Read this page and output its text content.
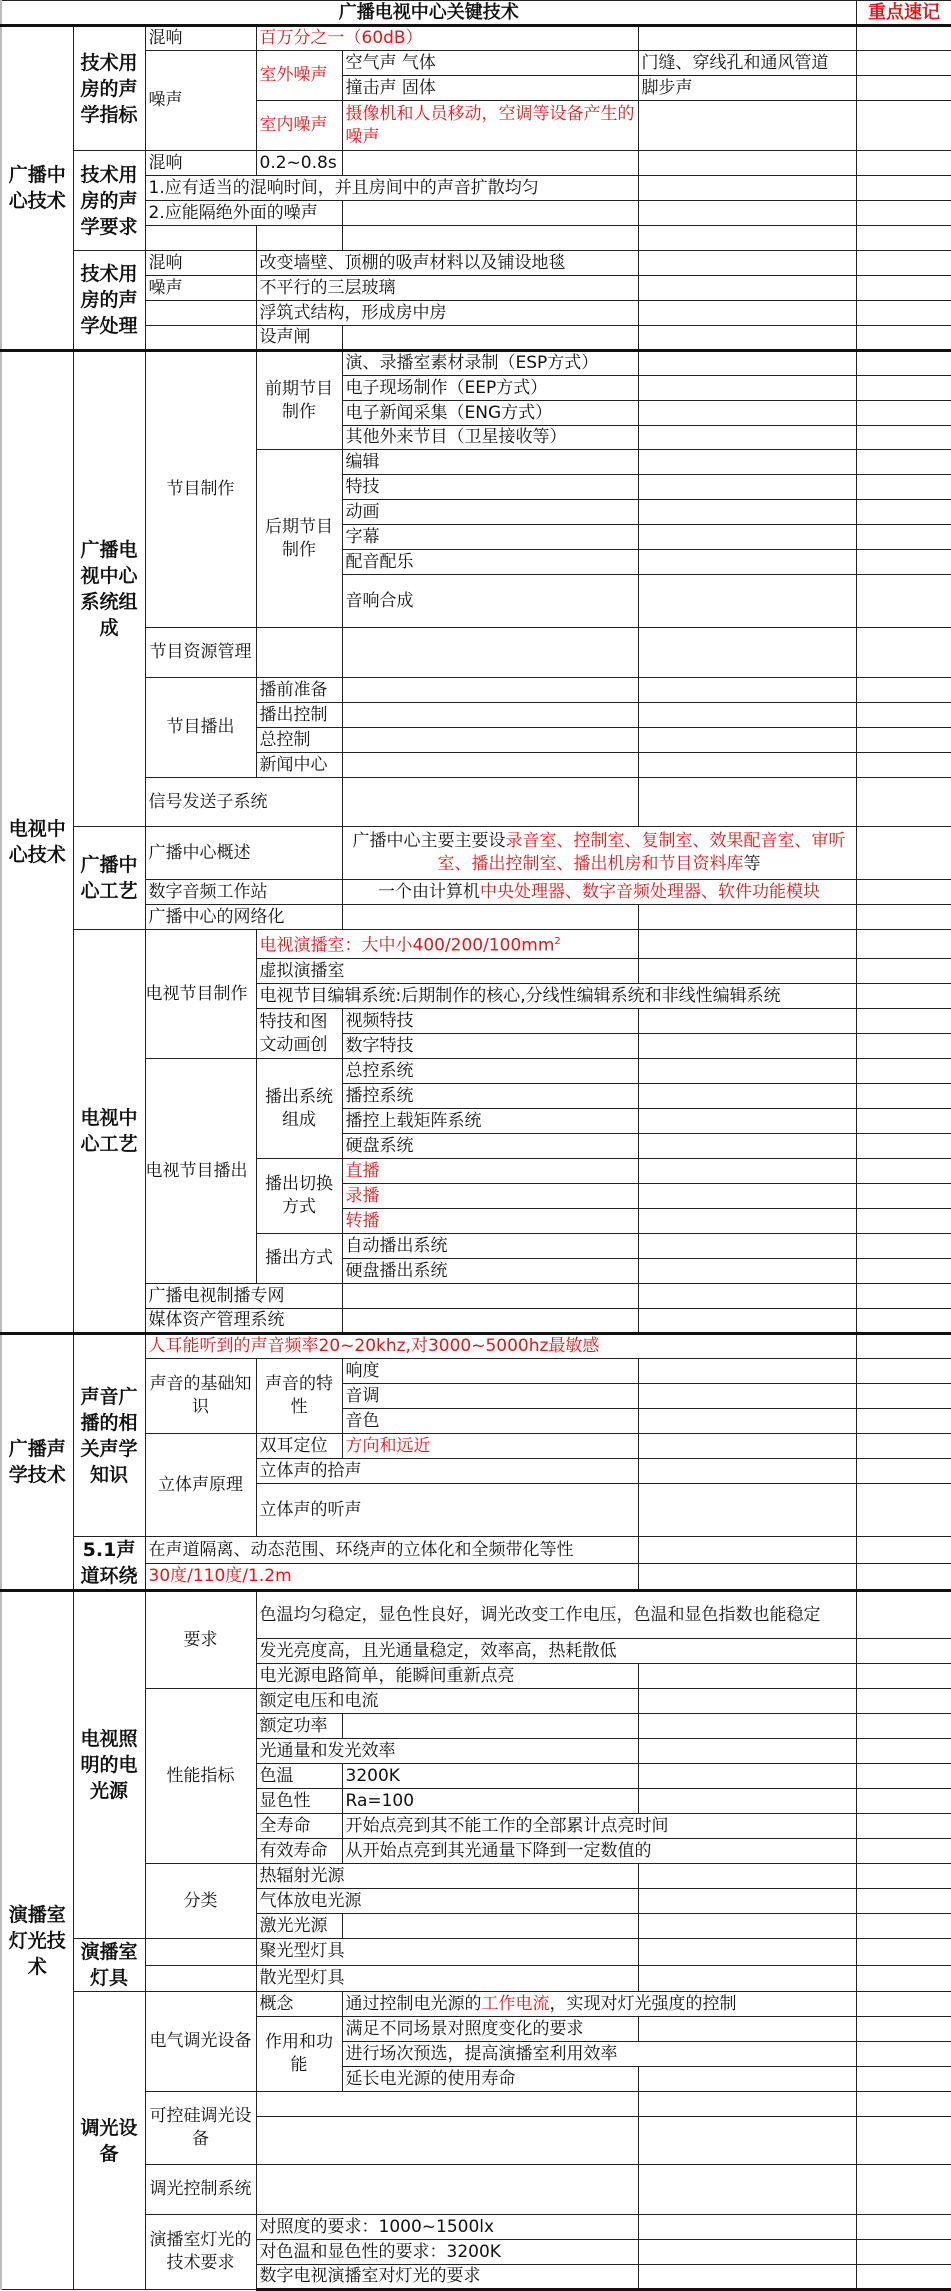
广播电视中心关键技术						重点速记
广播中心技术	技术用房的声学指标	混响	百万分之一（60dB）			
		噪声	室外噪声	空气声 气体	门缝、穿线孔和通风管道	
				撞击声 固体	脚步声	
			室内噪声	摄像机和人员移动，空调等设备产生的噪声		
	技术用房的声学要求	混响	0.2~0.8s			
		1.应有适当的混响时间，并且房间中的声音扩散均匀				
		2.应能隔绝外面的噪声				

	技术用房的声学处理	混响	改变墙壁、顶棚的吸声材料以及铺设地毯			
		噪声	不平行的三层玻璃			
			浮筑式结构，形成房中房			
			设声闸			
电视中心技术	广播电视中心系统组成	节目制作	前期节目制作	演、录播室素材录制（ESP方式）		
				电子现场制作（EEP方式）		
				电子新闻采集（ENG方式）		
				其他外来节目（卫星接收等）		
			后期节目制作	编辑		
				特技		
				动画		
				字幕		
				配音配乐		
				音响合成		
		节目资源管理				
		节目播出	播前准备			
			播出控制			
			总控制			
			新闻中心			
		信号发送子系统				
	广播中心工艺	广播中心概述		广播中心主要主要设录音室、控制室、复制室、效果配音室、审听室、播出控制室、播出机房和节目资料库等		
		数字音频工作站		一个由计算机中央处理器、数字音频处理器、软件功能模块		
		广播中心的网络化				
	电视中心工艺	电视节目制作	电视演播室：大中小$400/200/100mm^2$		
			虚拟演播室			
			电视节目编辑系统:后期制作的核心,分线性编辑系统和非线性编辑系统			
			特技和图文动画创	视频特技		
				数字特技		
		电视节目播出	播出系统组成	总控系统		
				播控系统		
				播控上载矩阵系统		
				硬盘系统		
			播出切换方式	直播		
				录播		
				转播		
			播出方式	自动播出系统		
				硬盘播出系统		
		广播电视制播专网				
		媒体资产管理系统				
广播声学技术	声音广播的相关声学知识	人耳能听到的声音频率20~20khz,对3000~5000hz最敏感				
		声音的基础知识	声音的特性	响度		
				音调		
				音色		
		立体声原理	双耳定位	方向和远近		
			立体声的拾声			
			立体声的听声			
	5.1声道环绕	在声道隔离、动态范围、环绕声的立体化和全频带化等性				
		30度/110度/1.2m				
演播室灯光技术	电视照明的电光源	要求	色温均匀稳定，显色性良好，调光改变工作电压，色温和显色指数也能稳定			
			发光亮度高，且光通量稳定，效率高，热耗散低			
			电光源电路简单，能瞬间重新点亮			
		性能指标	额定电压和电流			
			额定功率			
			光通量和发光效率			
			色温	3200K		
			显色性	Ra=100		
			全寿命	开始点亮到其不能工作的全部累计点亮时间		
			有效寿命	从开始点亮到其光通量下降到一定数值的		
		分类	热辐射光源			
			气体放电光源			
			激光光源			
	演播室灯具		聚光型灯具			
			散光型灯具			
	调光设备	电气调光设备	概念	通过控制电光源的工作电流，实现对灯光强度的控制		
			作用和功能	满足不同场景对照度变化的要求		
				进行场次预选，提高演播室利用效率		
				延长电光源的使用寿命		
		可控硅调光设备				

		调光控制系统				
		演播室灯光的技术要求	对照度的要求：1000~1500lx			
			对色温和显色性的要求：3200K			
			数字电视演播室对灯光的要求			
